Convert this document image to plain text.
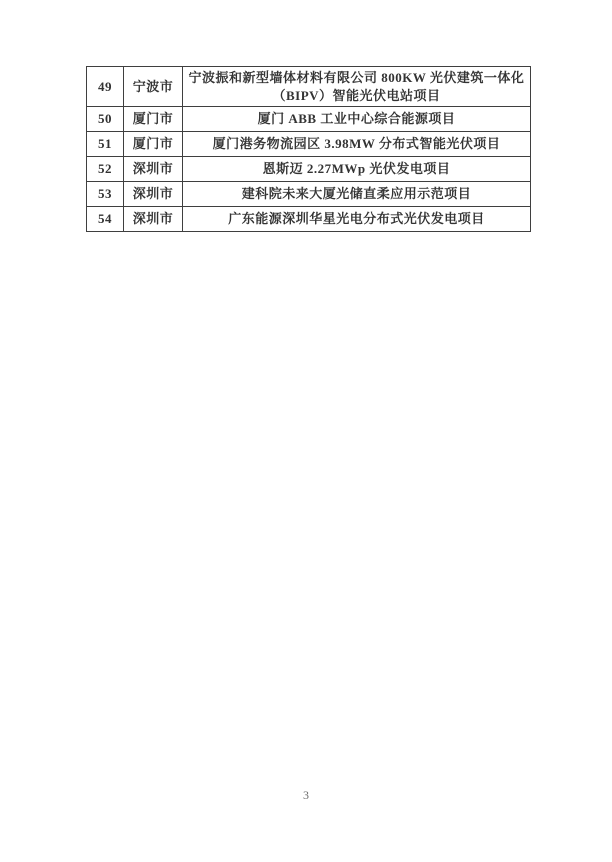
49	宁波市	宁波振和新型墙体材料有限公司 800KW 光伏建筑一体化（BIPV）智能光伏电站项目
50	厦门市	厦门 ABB 工业中心综合能源项目
51	厦门市	厦门港务物流园区 3.98MW 分布式智能光伏项目
52	深圳市	恩斯迈 2.27MWp 光伏发电项目
53	深圳市	建科院未来大厦光储直柔应用示范项目
54	深圳市	广东能源深圳华星光电分布式光伏发电项目
3
